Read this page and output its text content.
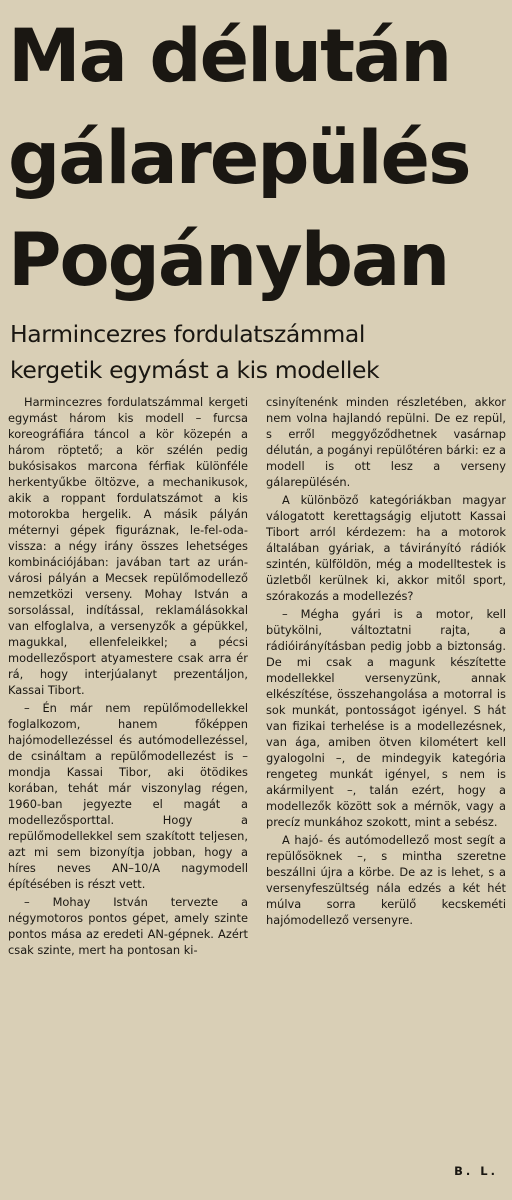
Ma délután
gálarepülés
Pogányban
Harmincezres fordulatszámmal
kergetik egymást a kis modellek

Harmincezres fordulatszámmal kergeti egymást három kis modell – furcsa koreográfiára táncol a kör közepén a három röptető; a kör szélén pedig bukósisakos marcona férfiak különféle herkentyűkbe öltözve, a mechanikusok, akik a roppant fordulatszámot a kis motorokba hergelik. A másik pályán méternyi gépek figuráznak, le-fel-oda-vissza: a négy irány összes lehetséges kombinációjában: javában tart az urán-városi pályán a Mecsek repülőmodellező nemzetközi verseny. Mohay István a sorsolással, indítással, reklamálásokkal van elfoglalva, a versenyzők a gépükkel, magukkal, ellenfeleikkel; a pécsi modellezősport atyamestere csak arra ér rá, hogy interjúalanyt prezentáljon, Kassai Tibort.

– Én már nem repülőmodellekkel foglalkozom, hanem főképpen hajómodellezéssel és autómodellezéssel, de csináltam a repülőmodellezést is – mondja Kassai Tibor, aki ötödikes korában, tehát már viszonylag régen, 1960-ban jegyezte el magát a modellezősporttal. Hogy a repülőmodellekkel sem szakított teljesen, azt mi sem bizonyítja jobban, hogy a híres neves AN–10/A nagymodell építésében is részt vett.

– Mohay István tervezte a négymotoros pontos gépet, amely szinte pontos mása az eredeti AN-gépnek. Azért csak szinte, mert ha pontosan ki-

csinyítenénk minden részletében, akkor nem volna hajlandó repülni. De ez repül, s erről meggyőződhetnek vasárnap délután, a pogányi repülőtéren bárki: ez a modell is ott lesz a verseny gálarepülésén.

A különböző kategóriákban magyar válogatott kerettagságig eljutott Kassai Tibort arról kérdezem: ha a motorok általában gyáriak, a távirányító rádiók szintén, külföldön, még a modelltestek is üzletből kerülnek ki, akkor mitől sport, szórakozás a modellezés?

– Mégha gyári is a motor, kell bütykölni, változtatni rajta, a rádióirányításban pedig jobb a biztonság. De mi csak a magunk készítette modellekkel versenyzünk, annak elkészítése, összehangolása a motorral is sok munkát, pontosságot igényel. S hát van fizikai terhelése is a modellezésnek, van ága, amiben ötven kilométert kell gyalogolni –, de mindegyik kategória rengeteg munkát igényel, s nem is akármilyent –, talán ezért, hogy a modellezők között sok a mérnök, vagy a precíz munkához szokott, mint a sebész.

A hajó- és autómodellező most segít a repülősöknek –, s mintha szeretne beszállni újra a körbe. De az is lehet, s a versenyfeszültség nála edzés a két hét múlva sorra kerülő kecskeméti hajómodellező versenyre.

B. L.
